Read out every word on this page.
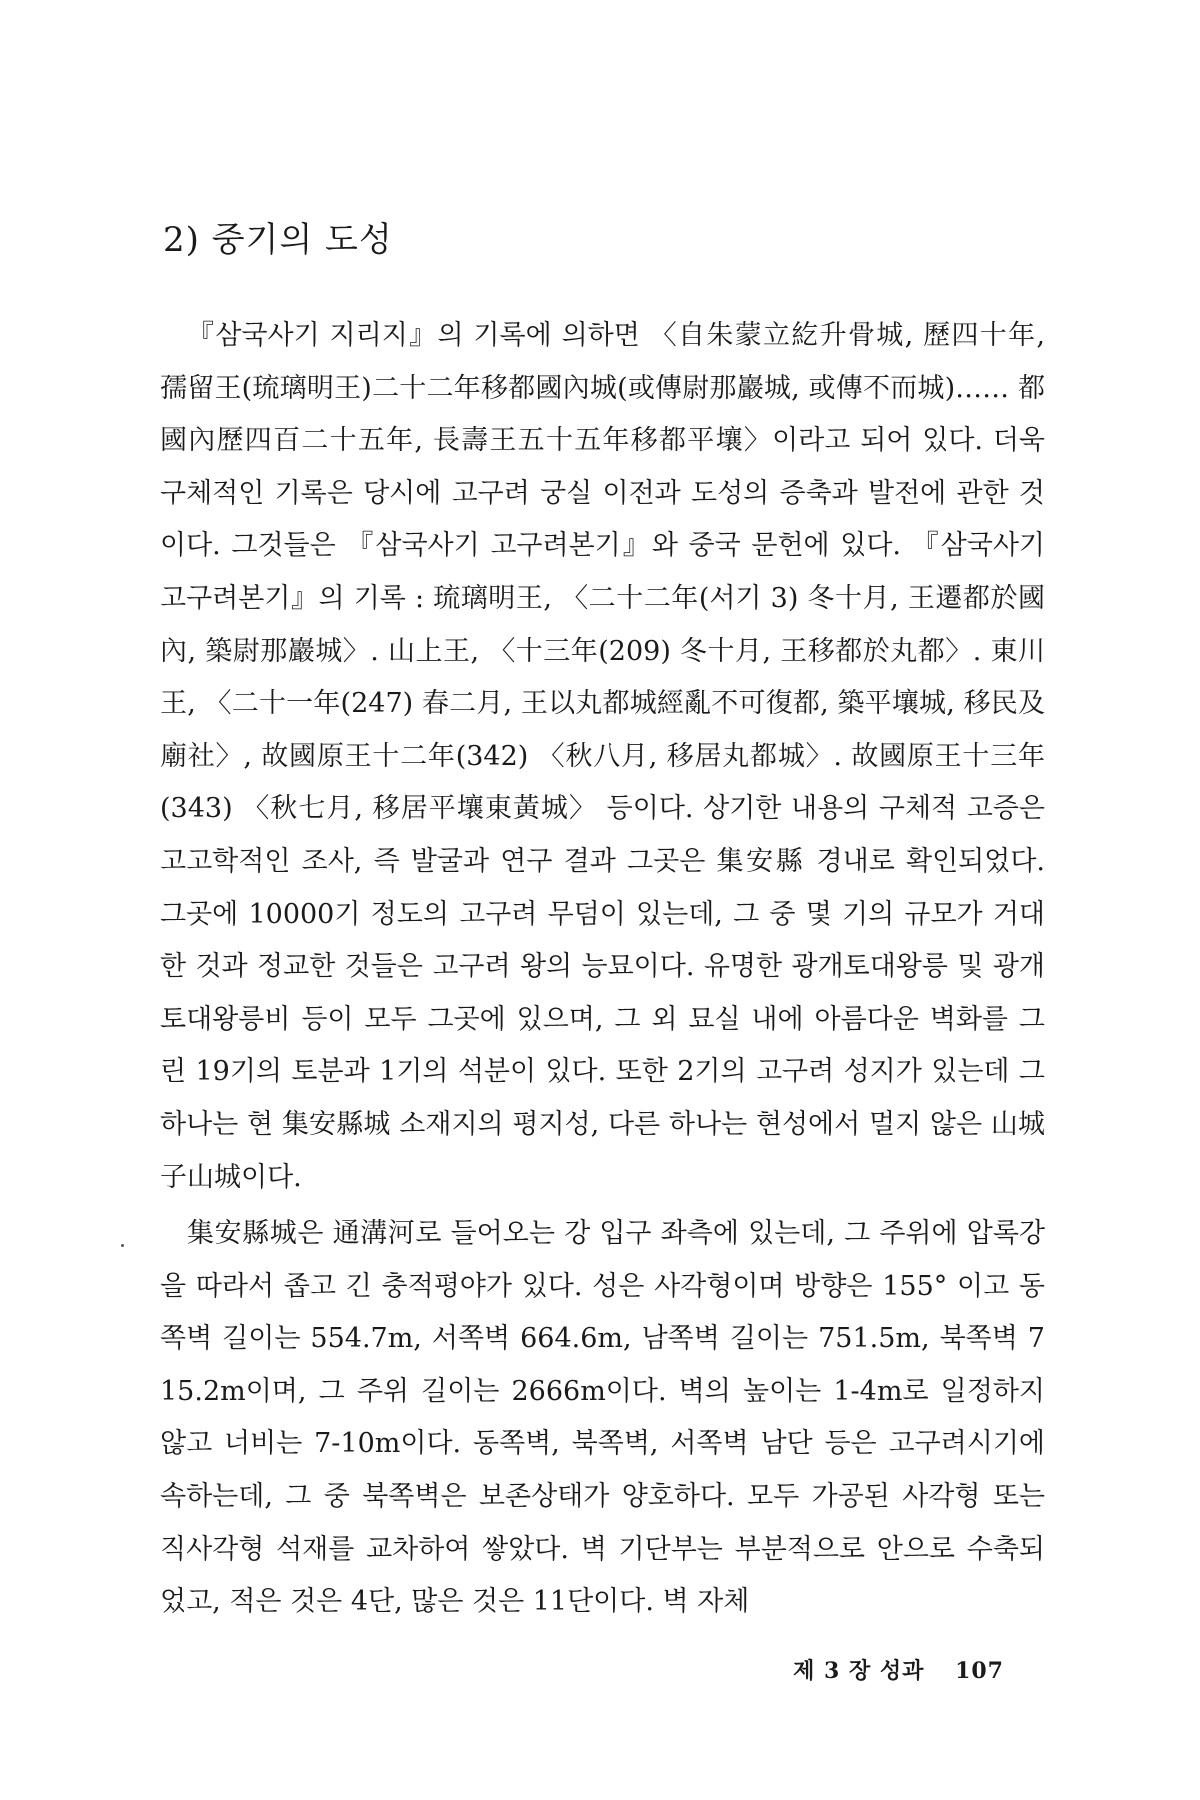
2) 중기의 도성

『삼국사기 지리지』의 기록에 의하면 〈自朱蒙立紇升骨城, 歷四十年, 孺留王(琉璃明王)二十二年移都國內城(或傳尉那巖城, 或傳不而城)…… 都國內歷四百二十五年, 長壽王五十五年移都平壤〉이라고 되어 있다. 더욱 구체적인 기록은 당시에 고구려 궁실 이전과 도성의 증축과 발전에 관한 것이다. 그것들은 『삼국사기 고구려본기』와 중국 문헌에 있다. 『삼국사기 고구려본기』의 기록 : 琉璃明王, 〈二十二年(서기 3) 冬十月, 王遷都於國內, 築尉那巖城〉. 山上王, 〈十三年(209) 冬十月, 王移都於丸都〉. 東川王, 〈二十一年(247) 春二月, 王以丸都城經亂不可復都, 築平壤城, 移民及廟社〉, 故國原王十二年(342) 〈秋八月, 移居丸都城〉. 故國原王十三年(343) 〈秋七月, 移居平壤東黃城〉 등이다. 상기한 내용의 구체적 고증은 고고학적인 조사, 즉 발굴과 연구 결과 그곳은 集安縣 경내로 확인되었다. 그곳에 10000기 정도의 고구려 무덤이 있는데, 그 중 몇 기의 규모가 거대한 것과 정교한 것들은 고구려 왕의 능묘이다. 유명한 광개토대왕릉 및 광개토대왕릉비 등이 모두 그곳에 있으며, 그 외 묘실 내에 아름다운 벽화를 그린 19기의 토분과 1기의 석분이 있다. 또한 2기의 고구려 성지가 있는데 그 하나는 현 集安縣城 소재지의 평지성, 다른 하나는 현성에서 멀지 않은 山城子山城이다.

集安縣城은 通溝河로 들어오는 강 입구 좌측에 있는데, 그 주위에 압록강을 따라서 좁고 긴 충적평야가 있다. 성은 사각형이며 방향은 155° 이고 동쪽벽 길이는 554.7m, 서쪽벽 664.6m, 남쪽벽 길이는 751.5m, 북쪽벽 715.2m이며, 그 주위 길이는 2666m이다. 벽의 높이는 1-4m로 일정하지 않고 너비는 7-10m이다. 동쪽벽, 북쪽벽, 서쪽벽 남단 등은 고구려시기에 속하는데, 그 중 북쪽벽은 보존상태가 양호하다. 모두 가공된 사각형 또는 직사각형 석재를 교차하여 쌓았다. 벽 기단부는 부분적으로 안으로 수축되었고, 적은 것은 4단, 많은 것은 11단이다. 벽 자체

제 3 장 성과 107
